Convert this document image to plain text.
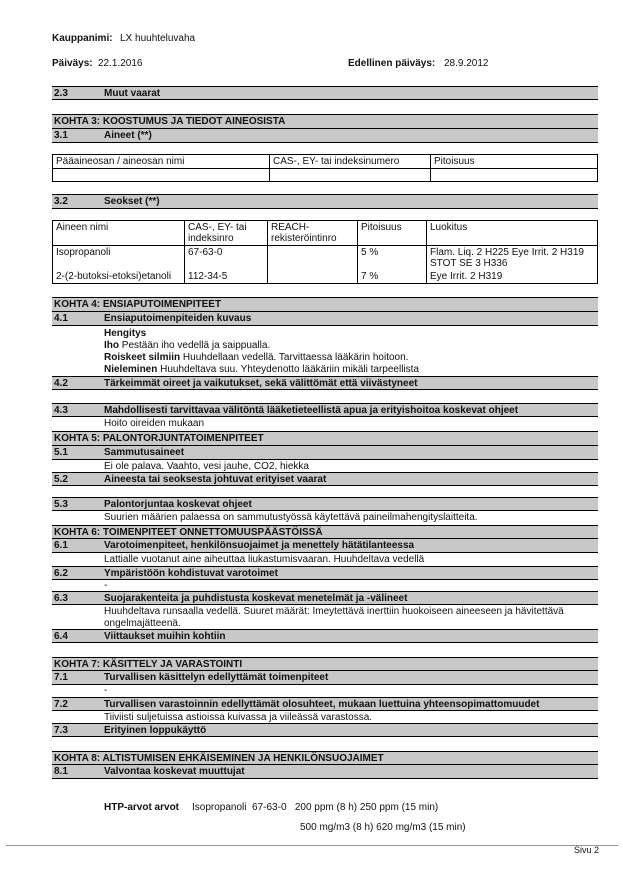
Kauppanimi: LX huuhteluvaha
Päiväys: 22.1.2016	Edellinen päiväys: 28.9.2012
2.3	Muut vaarat
KOHTA 3: KOOSTUMUS JA TIEDOT AINEOSISTA
3.1	Aineet (**)
Pääaineosan / aineosan nimi	CAS-, EY- tai indeksinumero	Pitoisuus

3.2	Seokset (**)
Aineen nimi	CAS-, EY- tai indeksinro	REACH-rekisteröintinro	Pitoisuus	Luokitus
Isopropanoli	67-63-0		5 %	Flam. Liq. 2 H225 Eye Irrit. 2 H319 STOT SE 3 H336
2-(2-butoksi-etoksi)etanoli	112-34-5		7 %	Eye Irrit. 2 H319
KOHTA 4: ENSIAPUTOIMENPITEET
4.1	Ensiaputoimenpiteiden kuvaus
Hengitys
Iho Pestään iho vedellä ja saippualla.
Roiskeet silmiin Huuhdellaan vedellä. Tarvittaessa lääkärin hoitoon.
Nieleminen Huuhdeltava suu. Yhteydenotto lääkäriin mikäli tarpeellista
4.2	Tärkeimmät oireet ja vaikutukset, sekä välittömät että viivästyneet
4.3	Mahdollisesti tarvittavaa välitöntä lääketieteellistä apua ja erityishoitoa koskevat ohjeet
Hoito oireiden mukaan
KOHTA 5: PALONTORJUNTATOIMENPITEET
5.1	Sammutusaineet
Ei ole palava. Vaahto, vesi jauhe, CO2, hiekka
5.2	Aineesta tai seoksesta johtuvat erityiset vaarat
5.3	Palontorjuntaa koskevat ohjeet
Suurien määrien palaessa on sammutustyössä käytettävä paineilmahengityslaitteita.
KOHTA 6: TOIMENPITEET ONNETTOMUUSPÄÄSTÖISSÄ
6.1	Varotoimenpiteet, henkilönsuojaimet ja menettely hätätilanteessa
Lattialle vuotanut aine aiheuttaa liukastumisvaaran. Huuhdeltava vedellä
6.2	Ympäristöön kohdistuvat varotoimet
-
6.3	Suojarakenteita ja puhdistusta koskevat menetelmät ja -välineet
Huuhdeltava runsaalla vedellä. Suuret määrät: Imeytettävä inerttiin huokoiseen aineeseen ja hävitettävä
ongelmajätteenä.
6.4	Viittaukset muihin kohtiin
KOHTA 7: KÄSITTELY JA VARASTOINTI
7.1	Turvallisen käsittelyn edellyttämät toimenpiteet
-
7.2	Turvallisen varastoinnin edellyttämät olosuhteet, mukaan luettuina yhteensopimattomuudet
Tiiviisti suljetuissa astioissa kuivassa ja viileässä varastossa.
7.3	Erityinen loppukäyttö
KOHTA 8: ALTISTUMISEN EHKÄISEMINEN JA HENKILÖNSUOJAIMET
8.1	Valvontaa koskevat muuttujat
HTP-arvot arvot Isopropanoli  67-63-0   200 ppm (8 h) 250 ppm (15 min)
500 mg/m3 (8 h) 620 mg/m3 (15 min)
Sivu 2
